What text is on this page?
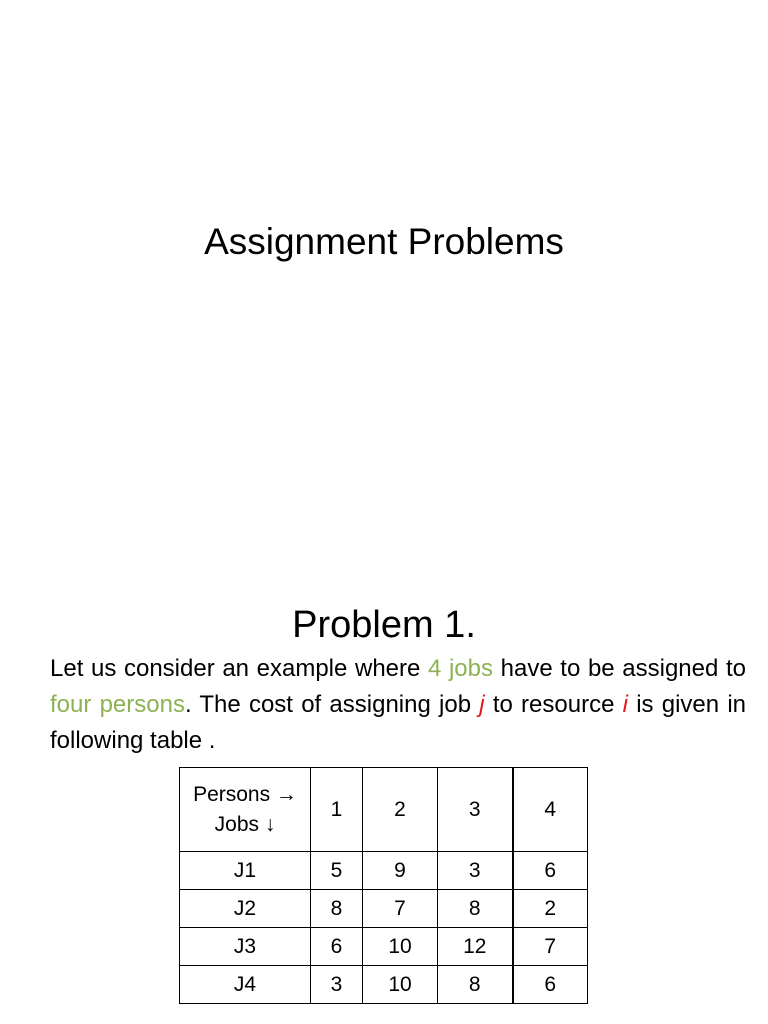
Assignment Problems
Problem 1.
Let us consider an example where 4 jobs have to be assigned to four persons. The cost of assigning job j to resource i is given in following table .
Persons →
Jobs ↓	1	2	3	4
J1	5	9	3	6
J2	8	7	8	2
J3	6	10	12	7
J4	3	10	8	6
